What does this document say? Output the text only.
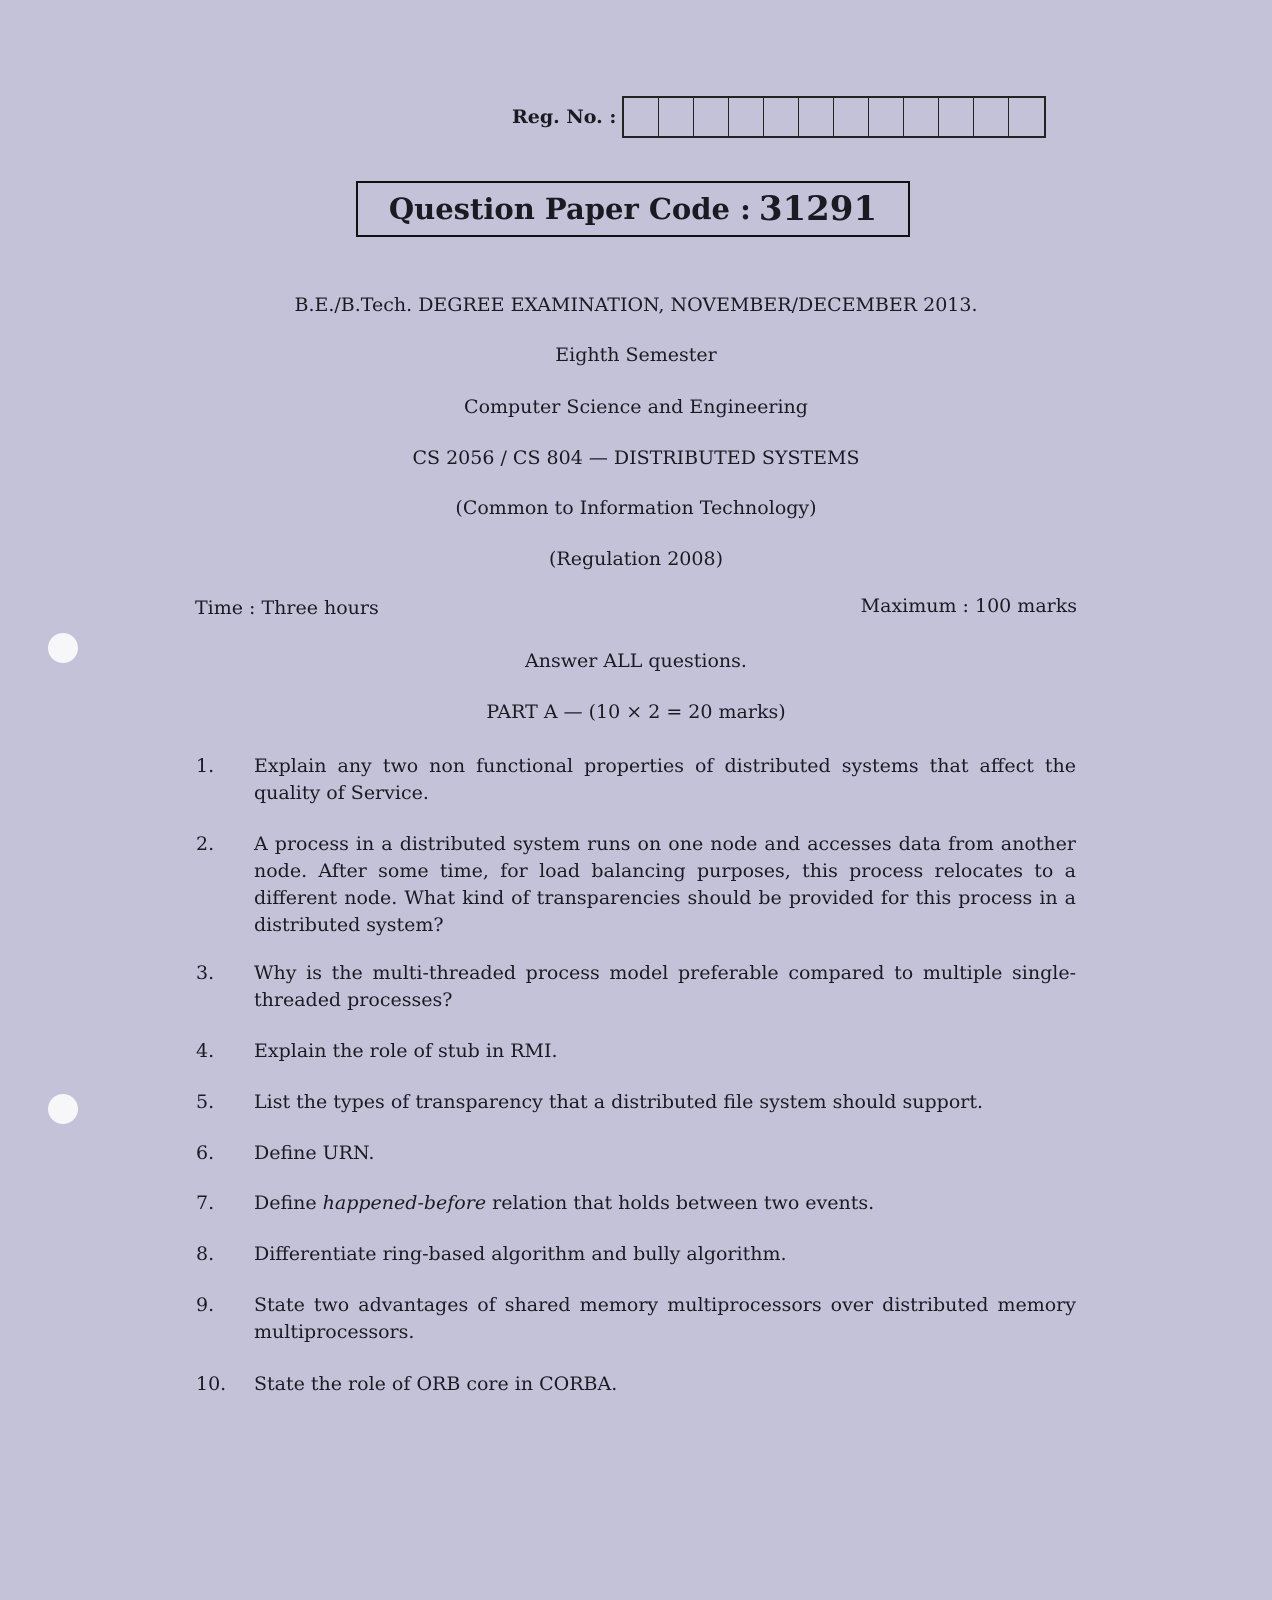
Reg. No. :
Question Paper Code : 31291
B.E./B.Tech. DEGREE EXAMINATION, NOVEMBER/DECEMBER 2013.
Eighth Semester
Computer Science and Engineering
CS 2056 / CS 804 — DISTRIBUTED SYSTEMS
(Common to Information Technology)
(Regulation 2008)
Time : Three hours	Maximum : 100 marks
Answer ALL questions.
PART A — (10 × 2 = 20 marks)
1.	Explain any two non functional properties of distributed systems that affect the quality of Service.
2.	A process in a distributed system runs on one node and accesses data from another node. After some time, for load balancing purposes, this process relocates to a different node. What kind of transparencies should be provided for this process in a distributed system?
3.	Why is the multi-threaded process model preferable compared to multiple single-threaded processes?
4.	Explain the role of stub in RMI.
5.	List the types of transparency that a distributed file system should support.
6.	Define URN.
7.	Define happened-before relation that holds between two events.
8.	Differentiate ring-based algorithm and bully algorithm.
9.	State two advantages of shared memory multiprocessors over distributed memory multiprocessors.
10.	State the role of ORB core in CORBA.
